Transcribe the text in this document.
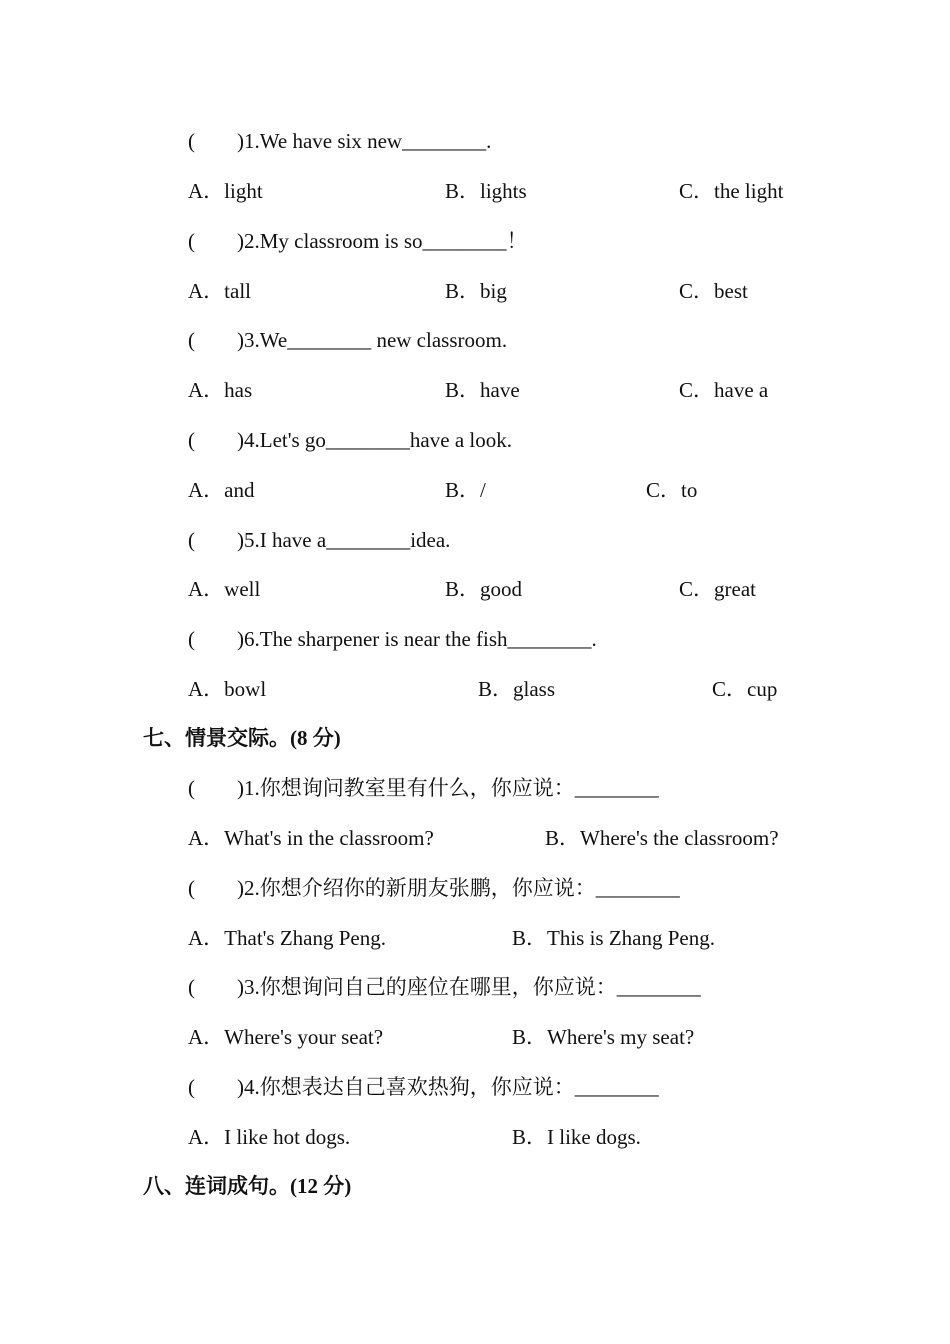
(        )1.We have six new________.
A．light	B．lights	C．the light
(        )2.My classroom is so________！
A．tall	B．big	C．best
(        )3.We________ new classroom.
A．has	B．have	C．have a
(        )4.Let's go________have a look.
A．and	B．/	C．to
(        )5.I have a________idea.
A．well	B．good	C．great
(        )6.The sharpener is near the fish________.
A．bowl	B．glass	C．cup
七、情景交际。(8 分)
(        )1.你想询问教室里有什么，你应说：________
A．What's in the classroom?	B．Where's the classroom?
(        )2.你想介绍你的新朋友张鹏，你应说：________
A．That's Zhang Peng.	B．This is Zhang Peng.
(        )3.你想询问自己的座位在哪里，你应说：________
A．Where's your seat?	B．Where's my seat?
(        )4.你想表达自己喜欢热狗，你应说：________
A．I like hot dogs.	B．I like dogs.
八、连词成句。(12 分)
